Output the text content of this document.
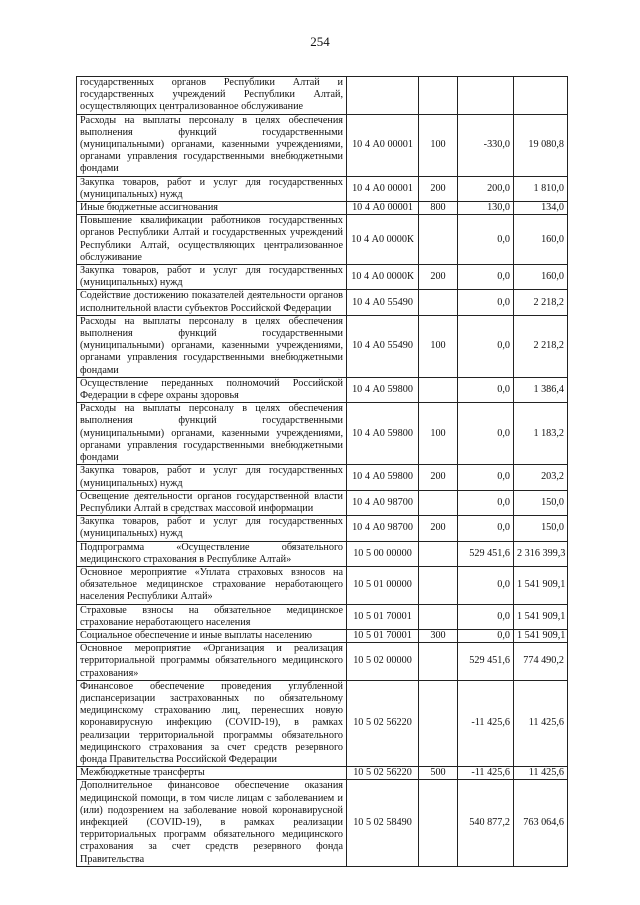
254
государственных органов Республики Алтай и государственных учреждений Республики Алтай, осуществляющих централизованное обслуживание				
Расходы на выплаты персоналу в целях обеспечения выполнения функций государственными (муниципальными) органами, казенными учреждениями, органами управления государственными внебюджетными фондами	10 4 А0 00001	100	-330,0	19 080,8
Закупка товаров, работ и услуг для государственных (муниципальных) нужд	10 4 А0 00001	200	200,0	1 810,0
Иные бюджетные ассигнования	10 4 А0 00001	800	130,0	134,0
Повышение квалификации работников государственных органов Республики Алтай и государственных учреждений Республики Алтай, осуществляющих централизованное обслуживание	10 4 А0 0000К		0,0	160,0
Закупка товаров, работ и услуг для государственных (муниципальных) нужд	10 4 А0 0000К	200	0,0	160,0
Содействие достижению показателей деятельности органов исполнительной власти субъектов Российской Федерации	10 4 А0 55490		0,0	2 218,2
Расходы на выплаты персоналу в целях обеспечения выполнения функций государственными (муниципальными) органами, казенными учреждениями, органами управления государственными внебюджетными фондами	10 4 А0 55490	100	0,0	2 218,2
Осуществление переданных полномочий Российской Федерации в сфере охраны здоровья	10 4 А0 59800		0,0	1 386,4
Расходы на выплаты персоналу в целях обеспечения выполнения функций государственными (муниципальными) органами, казенными учреждениями, органами управления государственными внебюджетными фондами	10 4 А0 59800	100	0,0	1 183,2
Закупка товаров, работ и услуг для государственных (муниципальных) нужд	10 4 А0 59800	200	0,0	203,2
Освещение деятельности органов государственной власти Республики Алтай в средствах массовой информации	10 4 А0 98700		0,0	150,0
Закупка товаров, работ и услуг для государственных (муниципальных) нужд	10 4 А0 98700	200	0,0	150,0
Подпрограмма «Осуществление обязательного медицинского страхования в Республике Алтай»	10 5 00 00000		529 451,6	2 316 399,3
Основное мероприятие «Уплата страховых взносов на обязательное медицинское страхование неработающего населения Республики Алтай»	10 5 01 00000		0,0	1 541 909,1
Страховые взносы на обязательное медицинское страхование неработающего населения	10 5 01 70001		0,0	1 541 909,1
Социальное обеспечение и иные выплаты населению	10 5 01 70001	300	0,0	1 541 909,1
Основное мероприятие «Организация и реализация территориальной программы обязательного медицинского страхования»	10 5 02 00000		529 451,6	774 490,2
Финансовое обеспечение проведения углубленной диспансеризации застрахованных по обязательному медицинскому страхованию лиц, перенесших новую коронавирусную инфекцию (COVID-19), в рамках реализации территориальной программы обязательного медицинского страхования за счет средств резервного фонда Правительства Российской Федерации	10 5 02 56220		-11 425,6	11 425,6
Межбюджетные трансферты	10 5 02 56220	500	-11 425,6	11 425,6
Дополнительное финансовое обеспечение оказания медицинской помощи, в том числе лицам с заболеванием и (или) подозрением на заболевание новой коронавирусной инфекцией (COVID-19), в рамках реализации территориальных программ обязательного медицинского страхования за счет средств резервного фонда Правительства	10 5 02 58490		540 877,2	763 064,6
